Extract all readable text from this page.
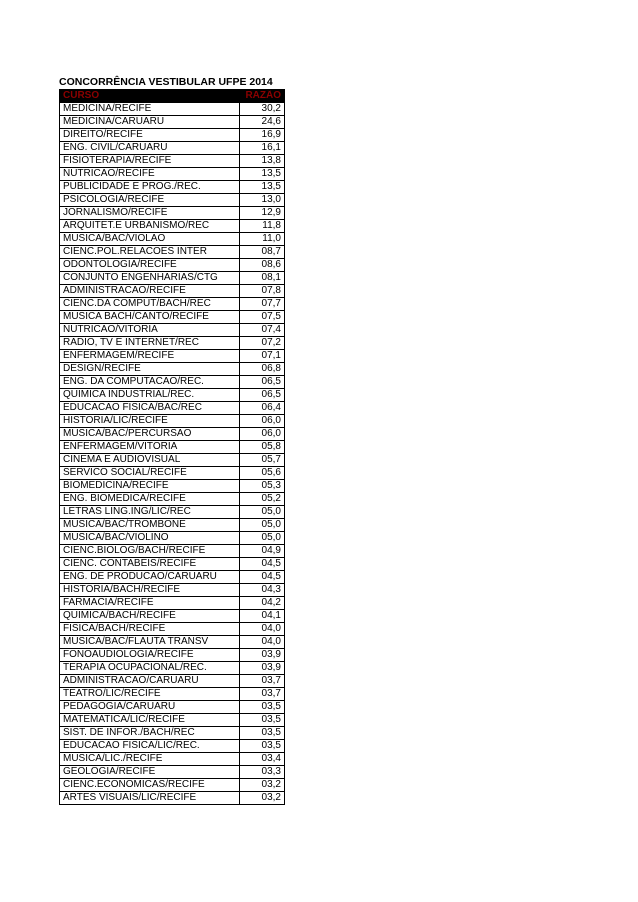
CONCORRÊNCIA VESTIBULAR UFPE 2014
CURSO	RAZÃO
MEDICINA/RECIFE	30,2
MEDICINA/CARUARU	24,6
DIREITO/RECIFE	16,9
ENG. CIVIL/CARUARU	16,1
FISIOTERAPIA/RECIFE	13,8
NUTRICAO/RECIFE	13,5
PUBLICIDADE E PROG./REC.	13,5
PSICOLOGIA/RECIFE	13,0
JORNALISMO/RECIFE	12,9
ARQUITET.E URBANISMO/REC	11,8
MUSICA/BAC/VIOLAO	11,0
CIENC.POL.RELACOES INTER	08,7
ODONTOLOGIA/RECIFE	08,6
CONJUNTO ENGENHARIAS/CTG	08,1
ADMINISTRACAO/RECIFE	07,8
CIENC.DA COMPUT/BACH/REC	07,7
MUSICA BACH/CANTO/RECIFE	07,5
NUTRICAO/VITORIA	07,4
RADIO, TV E INTERNET/REC	07,2
ENFERMAGEM/RECIFE	07,1
DESIGN/RECIFE	06,8
ENG. DA COMPUTACAO/REC.	06,5
QUIMICA INDUSTRIAL/REC.	06,5
EDUCACAO FISICA/BAC/REC	06,4
HISTORIA/LIC/RECIFE	06,0
MUSICA/BAC/PERCURSAO	06,0
ENFERMAGEM/VITORIA	05,8
CINEMA E AUDIOVISUAL	05,7
SERVICO SOCIAL/RECIFE	05,6
BIOMEDICINA/RECIFE	05,3
ENG. BIOMEDICA/RECIFE	05,2
LETRAS LING.ING/LIC/REC	05,0
MUSICA/BAC/TROMBONE	05,0
MUSICA/BAC/VIOLINO	05,0
CIENC.BIOLOG/BACH/RECIFE	04,9
CIENC. CONTABEIS/RECIFE	04,5
ENG. DE PRODUCAO/CARUARU	04,5
HISTORIA/BACH/RECIFE	04,3
FARMACIA/RECIFE	04,2
QUIMICA/BACH/RECIFE	04,1
FISICA/BACH/RECIFE	04,0
MUSICA/BAC/FLAUTA TRANSV	04,0
FONOAUDIOLOGIA/RECIFE	03,9
TERAPIA OCUPACIONAL/REC.	03,9
ADMINISTRACAO/CARUARU	03,7
TEATRO/LIC/RECIFE	03,7
PEDAGOGIA/CARUARU	03,5
MATEMATICA/LIC/RECIFE	03,5
SIST. DE INFOR./BACH/REC	03,5
EDUCACAO FISICA/LIC/REC.	03,5
MUSICA/LIC./RECIFE	03,4
GEOLOGIA/RECIFE	03,3
CIENC.ECONOMICAS/RECIFE	03,2
ARTES VISUAIS/LIC/RECIFE	03,2
